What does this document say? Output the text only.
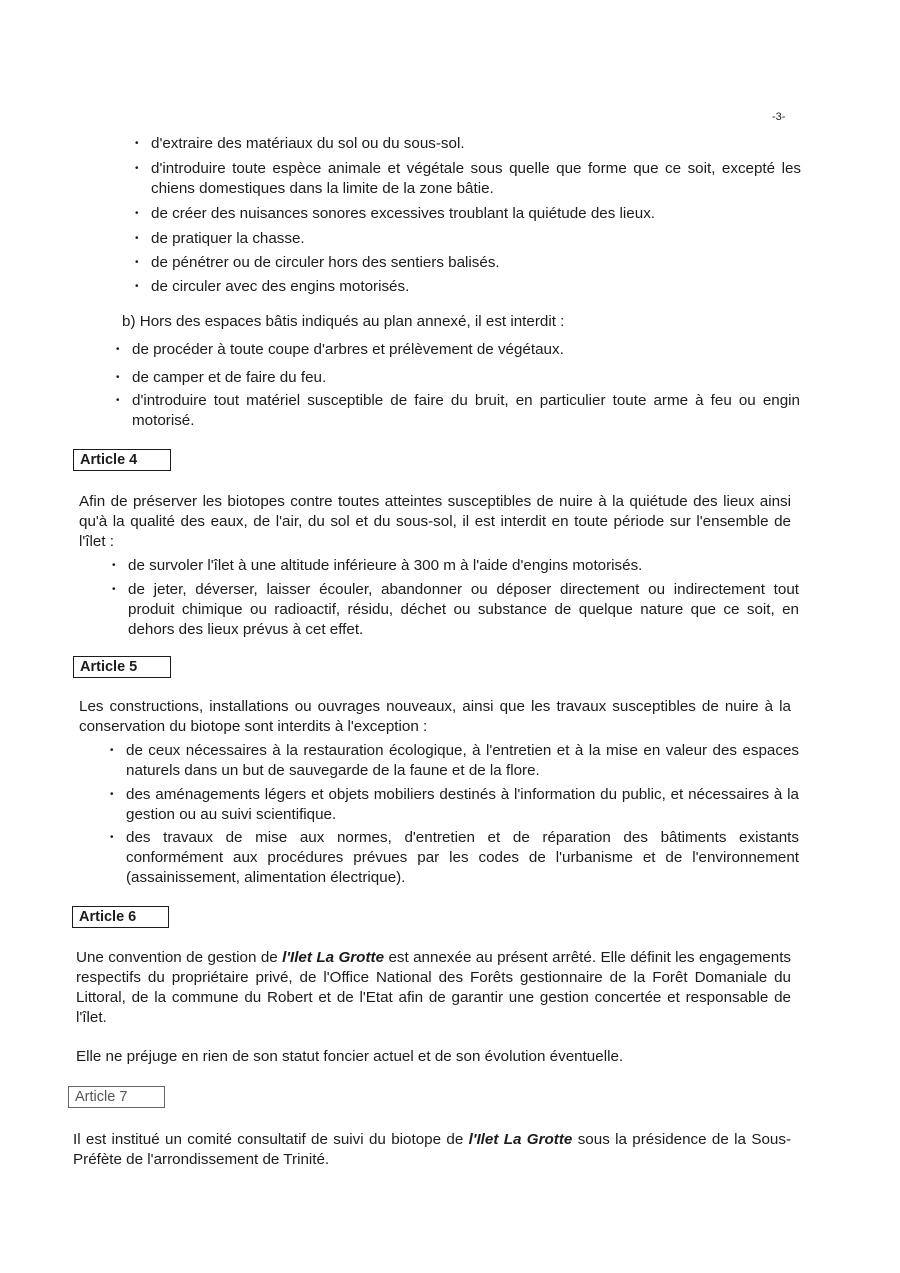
-3-
• d'extraire des matériaux du sol ou du sous-sol.
• d'introduire toute espèce animale et végétale sous quelle que forme que ce soit, excepté les chiens domestiques dans la limite de la zone bâtie.
• de créer des nuisances sonores excessives troublant la quiétude des lieux.
• de pratiquer la chasse.
• de pénétrer ou de circuler hors des sentiers balisés.
• de circuler avec des engins motorisés.
b) Hors des espaces bâtis indiqués au plan annexé, il est interdit :
• de procéder à toute coupe d'arbres et prélèvement de végétaux.
• de camper et de faire du feu.
• d'introduire tout matériel susceptible de faire du bruit, en particulier toute arme à feu ou engin motorisé.
Article 4
Afin de préserver les biotopes contre toutes atteintes susceptibles de nuire à la quiétude des lieux ainsi qu'à la qualité des eaux, de l'air, du sol et du sous-sol, il est interdit en toute période sur l'ensemble de l'îlet :
• de survoler l'îlet à une altitude inférieure à 300 m à l'aide d'engins motorisés.
• de jeter, déverser, laisser écouler, abandonner ou déposer directement ou indirectement tout produit chimique ou radioactif, résidu, déchet ou substance de quelque nature que ce soit, en dehors des lieux prévus à cet effet.
Article 5
Les constructions, installations ou ouvrages nouveaux, ainsi que les travaux susceptibles de nuire à la conservation du biotope sont interdits à l'exception :
• de ceux nécessaires à la restauration écologique, à l'entretien et à la mise en valeur des espaces naturels dans un but de sauvegarde de la faune et de la flore.
• des aménagements légers et objets mobiliers destinés à l'information du public, et nécessaires à la gestion ou au suivi scientifique.
• des travaux de mise aux normes, d'entretien et de réparation des bâtiments existants conformément aux procédures prévues par les codes de l'urbanisme et de l'environnement (assainissement, alimentation électrique).
Article 6
Une convention de gestion de l'Ilet La Grotte est annexée au présent arrêté. Elle définit les engagements respectifs du propriétaire privé, de l'Office National des Forêts gestionnaire de la Forêt Domaniale du Littoral, de la commune du Robert et de l'Etat afin de garantir une gestion concertée et responsable de l'îlet.
Elle ne préjuge en rien de son statut foncier actuel et de son évolution éventuelle.
Article 7
Il est institué un comité consultatif de suivi du biotope de l'Ilet La Grotte sous la présidence de la Sous-Préfète de l'arrondissement de Trinité.
